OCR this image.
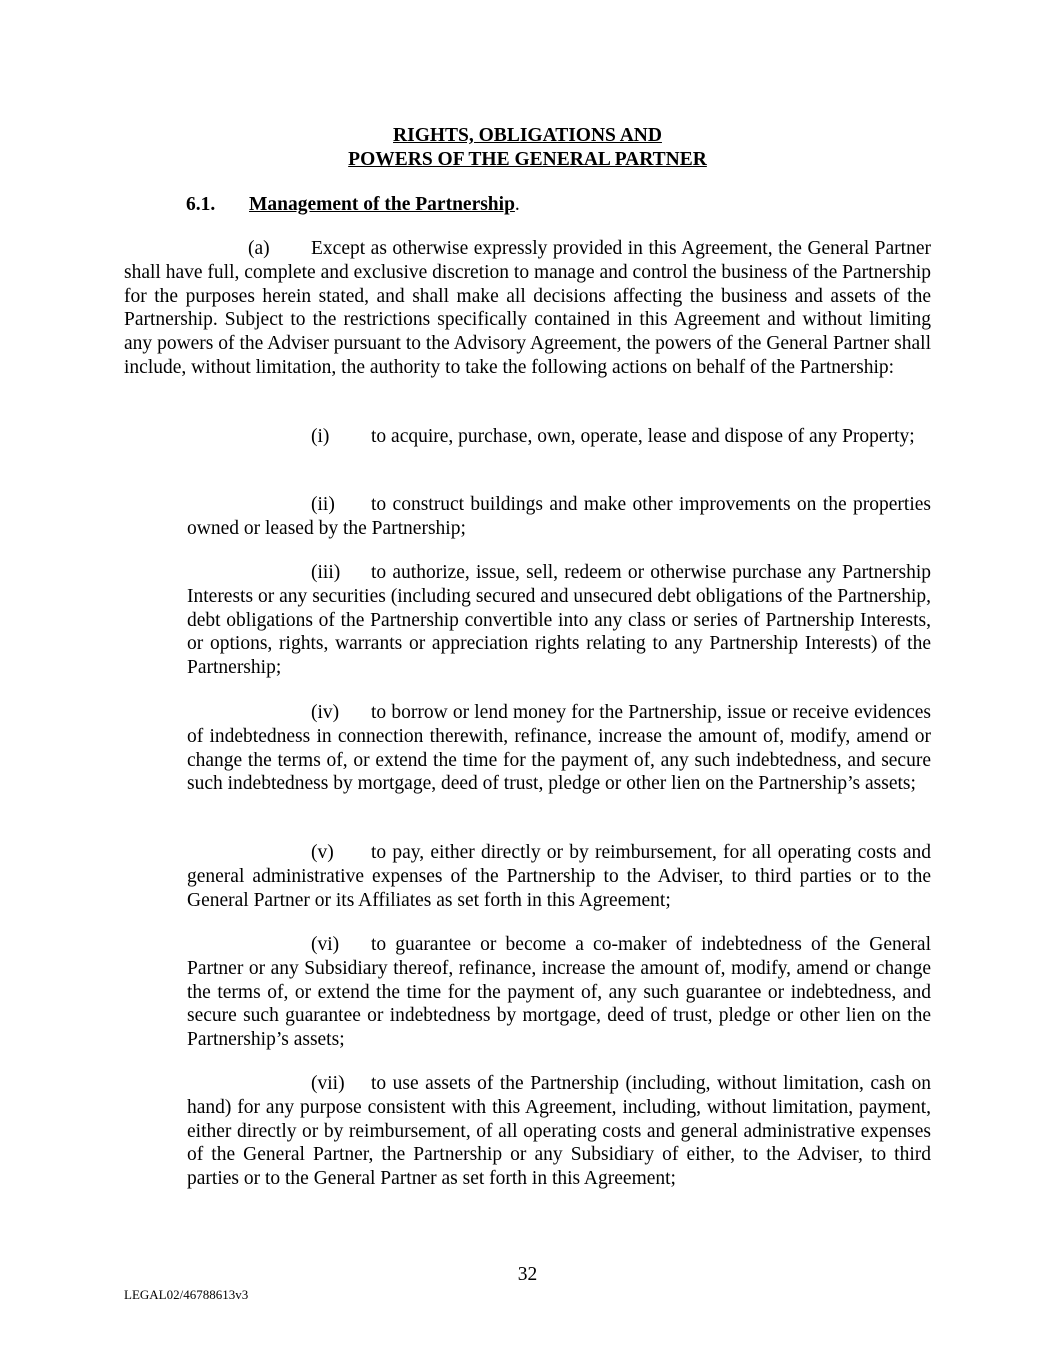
RIGHTS, OBLIGATIONS AND
POWERS OF THE GENERAL PARTNER
6.1. Management of the Partnership.
(a) Except as otherwise expressly provided in this Agreement, the General Partner shall have full, complete and exclusive discretion to manage and control the business of the Partnership for the purposes herein stated, and shall make all decisions affecting the business and assets of the Partnership. Subject to the restrictions specifically contained in this Agreement and without limiting any powers of the Adviser pursuant to the Advisory Agreement, the powers of the General Partner shall include, without limitation, the authority to take the following actions on behalf of the Partnership:
(i) to acquire, purchase, own, operate, lease and dispose of any Property;
(ii) to construct buildings and make other improvements on the properties owned or leased by the Partnership;
(iii) to authorize, issue, sell, redeem or otherwise purchase any Partnership Interests or any securities (including secured and unsecured debt obligations of the Partnership, debt obligations of the Partnership convertible into any class or series of Partnership Interests, or options, rights, warrants or appreciation rights relating to any Partnership Interests) of the Partnership;
(iv) to borrow or lend money for the Partnership, issue or receive evidences of indebtedness in connection therewith, refinance, increase the amount of, modify, amend or change the terms of, or extend the time for the payment of, any such indebtedness, and secure such indebtedness by mortgage, deed of trust, pledge or other lien on the Partnership’s assets;
(v) to pay, either directly or by reimbursement, for all operating costs and general administrative expenses of the Partnership to the Adviser, to third parties or to the General Partner or its Affiliates as set forth in this Agreement;
(vi) to guarantee or become a co-maker of indebtedness of the General Partner or any Subsidiary thereof, refinance, increase the amount of, modify, amend or change the terms of, or extend the time for the payment of, any such guarantee or indebtedness, and secure such guarantee or indebtedness by mortgage, deed of trust, pledge or other lien on the Partnership’s assets;
(vii) to use assets of the Partnership (including, without limitation, cash on hand) for any purpose consistent with this Agreement, including, without limitation, payment, either directly or by reimbursement, of all operating costs and general administrative expenses of the General Partner, the Partnership or any Subsidiary of either, to the Adviser, to third parties or to the General Partner as set forth in this Agreement;
32
LEGAL02/46788613v3
